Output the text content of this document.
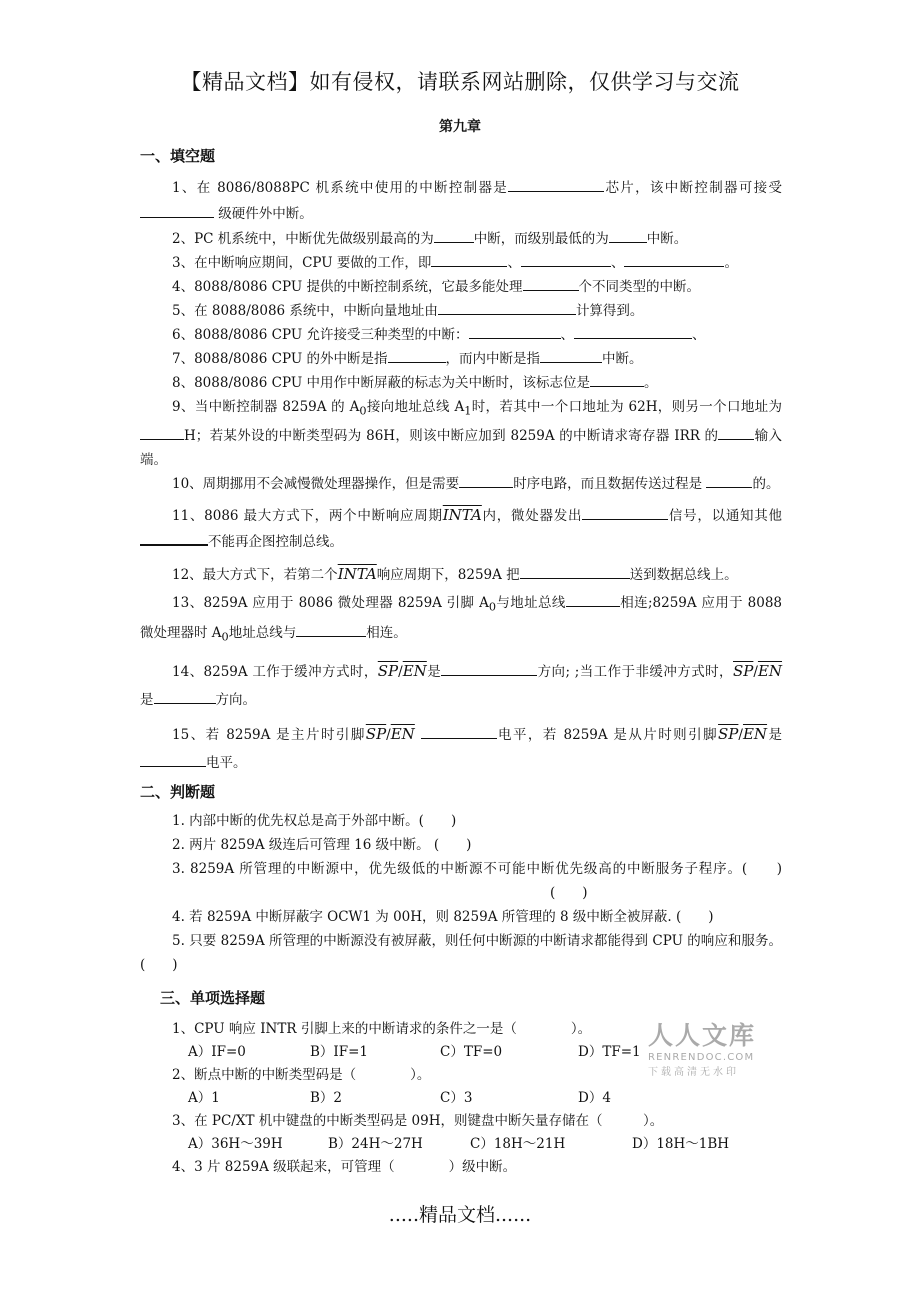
【精品文档】如有侵权，请联系网站删除，仅供学习与交流
第九章

一、填空题

1、在 8086/8088PC 机系统中使用的中断控制器是	芯片，该中断控制器可接受  级硬件外中断。

2、PC 机系统中，中断优先做级别最高的为	中断，而级别最低的为	中断。

3、在中断响应期间，CPU 要做的工作，即	、	、	。

4、8088/8086 CPU 提供的中断控制系统，它最多能处理	个不同类型的中断。

5、在 8088/8086 系统中，中断向量地址由	计算得到。

6、8088/8086 CPU 允许接受三种类型的中断：	、	、

7、8088/8086 CPU 的外中断是指	，而内中断是指	中断。

8、8088/8086 CPU 中用作中断屏蔽的标志为关中断时，该标志位是	。

9、当中断控制器 8259A 的 $A_0$接向地址总线 $A_1$时，若其中一个口地址为 62H，则另一个口地址为H；若某外设的中断类型码为 86H，则该中断应加到 8259A 的中断请求寄存器 IRR 的	输入端。

10、周期挪用不会减慢微处理器操作，但是需要	时序电路，而且数据传送过程是	的。

11、8086 最大方式下，两个中断响应周期INTA内，微处器发出	信号，以通知其他不能再企图控制总线。

12、最大方式下，若第二个INTA响应周期下，8259A 把	送到数据总线上。

13、8259A 应用于 8086 微处理器 8259A 引脚 $A_0$与地址总线	相连;8259A 应用于 8088 微处理器时 $A_0$地址总线与	相连。

14、8259A 工作于缓冲方式时，$\overline{SP}/\overline{EN}$是	方向; ;当工作于非缓冲方式时，$\overline{SP}/\overline{EN}$是	方向。

15、若 8259A 是主片时引脚$\overline{SP}/\overline{EN}$	电平，若 8259A 是从片时则引脚$\overline{SP}/\overline{EN}$是电平。

二、判断题

1. 内部中断的优先权总是高于外部中断。(　　)

2. 两片 8259A 级连后可管理 16 级中断。 (　　)

3. 8259A 所管理的中断源中，优先级低的中断源不可能中断优先级高的中断服务子程序。(　　)(　　)

4. 若 8259A 中断屏蔽字 OCW1 为 00H，则 8259A 所管理的 8 级中断全被屏蔽. (　　)

5. 只要 8259A 所管理的中断源没有被屏蔽，则任何中断源的中断请求都能得到 CPU 的响应和服务。(　　)

三、单项选择题

1、CPU 响应 INTR 引脚上来的中断请求的条件之一是（　　　　）。

A）IF=0	B）IF=1	C）TF=0	D）TF=1

2、断点中断的中断类型码是（　　　　）。

A）1	B）2	C）3	D）4

3、在 PC/XT 机中键盘的中断类型码是 09H，则键盘中断矢量存储在（　　　）。

A）36H～39H	B）24H～27H	C）18H～21H	D）18H～1BH

4、3 片 8259A 级联起来，可管理（　　　　）级中断。

人人文库
RENRENDOC.COM
下载高清无水印
.....精品文档......
